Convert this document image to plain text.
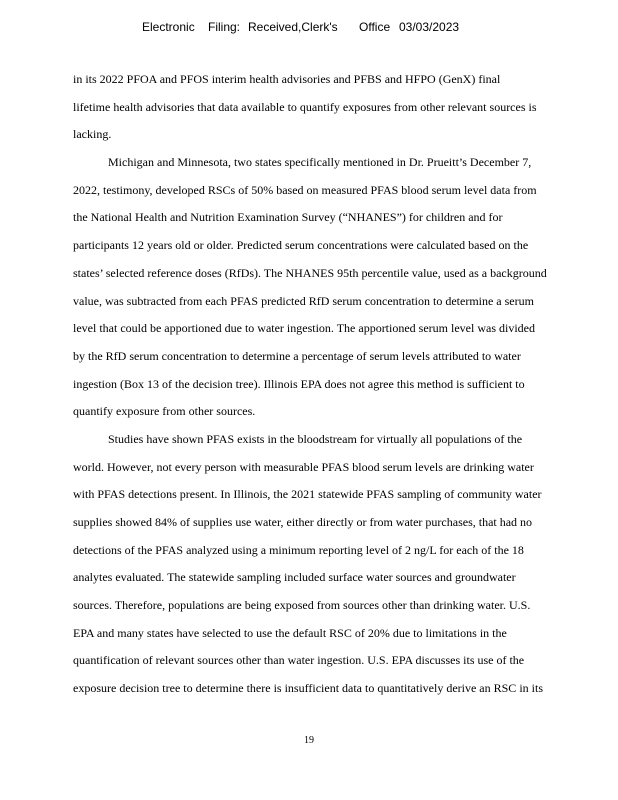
Electronic Filing: Received,Clerk's Office 03/03/2023
in its 2022 PFOA and PFOS interim health advisories and PFBS and HFPO (GenX) final
lifetime health advisories that data available to quantify exposures from other relevant sources is
lacking.
Michigan and Minnesota, two states specifically mentioned in Dr. Prueitt’s December 7,
2022, testimony, developed RSCs of 50% based on measured PFAS blood serum level data from
the National Health and Nutrition Examination Survey (“NHANES”) for children and for
participants 12 years old or older. Predicted serum concentrations were calculated based on the
states’ selected reference doses (RfDs). The NHANES 95th percentile value, used as a background
value, was subtracted from each PFAS predicted RfD serum concentration to determine a serum
level that could be apportioned due to water ingestion. The apportioned serum level was divided
by the RfD serum concentration to determine a percentage of serum levels attributed to water
ingestion (Box 13 of the decision tree). Illinois EPA does not agree this method is sufficient to
quantify exposure from other sources.
Studies have shown PFAS exists in the bloodstream for virtually all populations of the
world. However, not every person with measurable PFAS blood serum levels are drinking water
with PFAS detections present. In Illinois, the 2021 statewide PFAS sampling of community water
supplies showed 84% of supplies use water, either directly or from water purchases, that had no
detections of the PFAS analyzed using a minimum reporting level of 2 ng/L for each of the 18
analytes evaluated. The statewide sampling included surface water sources and groundwater
sources. Therefore, populations are being exposed from sources other than drinking water. U.S.
EPA and many states have selected to use the default RSC of 20% due to limitations in the
quantification of relevant sources other than water ingestion. U.S. EPA discusses its use of the
exposure decision tree to determine there is insufficient data to quantitatively derive an RSC in its
19
